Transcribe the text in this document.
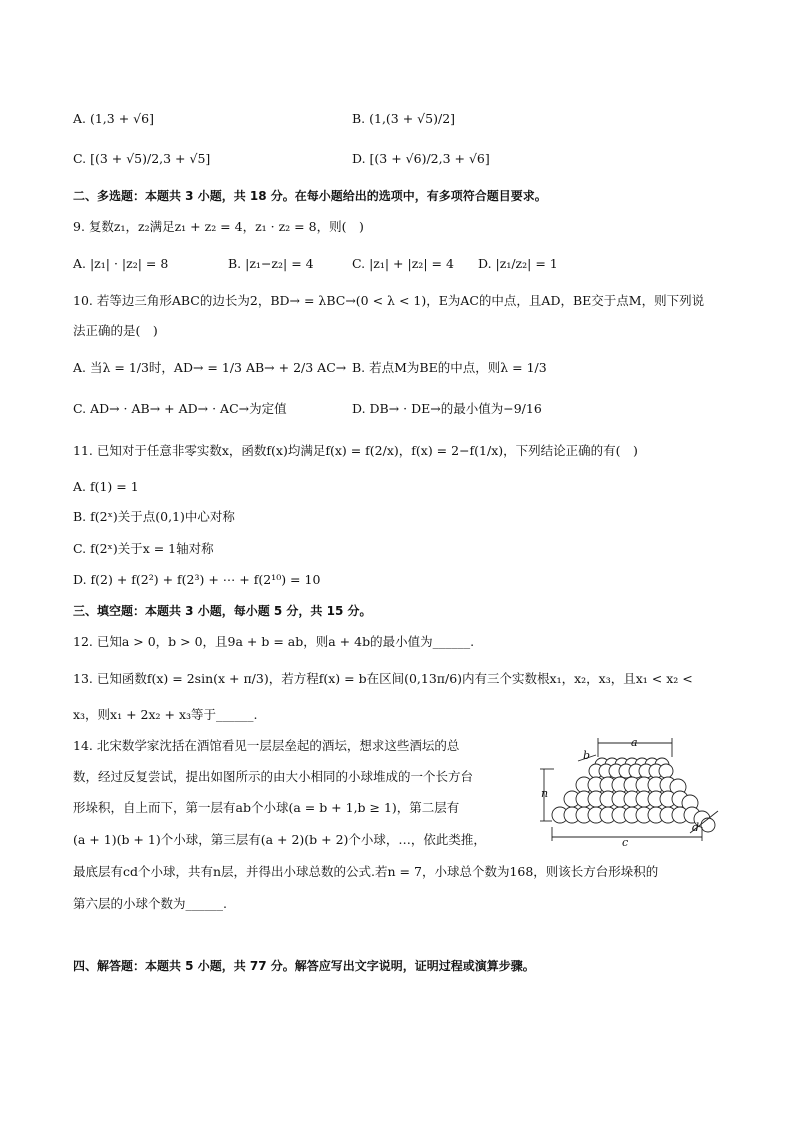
A. (1,3 + √6]	B. (1,(3 + √5)/2]
C. [(3 + √5)/2,3 + √5]	D. [(3 + √6)/2,3 + √6]
二、多选题：本题共 3 小题，共 18 分。在每小题给出的选项中，有多项符合题目要求。
9. 复数z₁，z₂满足z₁ + z₂ = 4，z₁ · z₂ = 8，则(　)
A. |z₁| · |z₂| = 8	B. |z₁−z₂| = 4	C. |z₁| + |z₂| = 4 D. |z₁/z₂| = 1
10. 若等边三角形ABC的边长为2，BD→ = λBC→(0 < λ < 1)，E为AC的中点，且AD，BE交于点M，则下列说
法正确的是(　)
A. 当λ = 1/3时，AD→ = 1/3 AB→ + 2/3 AC→ B. 若点M为BE的中点，则λ = 1/3
C. AD→ · AB→ + AD→ · AC→为定值	D. DB→ · DE→的最小值为−9/16
11. 已知对于任意非零实数x，函数f(x)均满足f(x) = f(2/x)，f(x) = 2−f(1/x)，下列结论正确的有(　)
A. f(1) = 1
B. f(2ˣ)关于点(0,1)中心对称
C. f(2ˣ)关于x = 1轴对称
D. f(2) + f(2²) + f(2³) + ⋯ + f(2¹⁰) = 10
三、填空题：本题共 3 小题，每小题 5 分，共 15 分。
12. 已知a > 0，b > 0，且9a + b = ab，则a + 4b的最小值为______.
13. 已知函数f(x) = 2sin(x + π/3)，若方程f(x) = b在区间(0,13π/6)内有三个实数根x₁，x₂，x₃，且x₁ < x₂ <
x₃，则x₁ + 2x₂ + x₃等于______.
14. 北宋数学家沈括在酒馆看见一层层垒起的酒坛，想求这些酒坛的总
数，经过反复尝试，提出如图所示的由大小相同的小球堆成的一个长方台
形垛积，自上而下，第一层有ab个小球(a = b + 1,b ≥ 1)，第二层有
(a + 1)(b + 1)个小球，第三层有(a + 2)(b + 2)个小球，…，依此类推，
最底层有cd个小球，共有n层，并得出小球总数的公式.若n = 7，小球总个数为168，则该长方台形垛积的
第六层的小球个数为______.
四、解答题：本题共 5 小题，共 77 分。解答应写出文字说明，证明过程或演算步骤。
a
b
n
c
d
